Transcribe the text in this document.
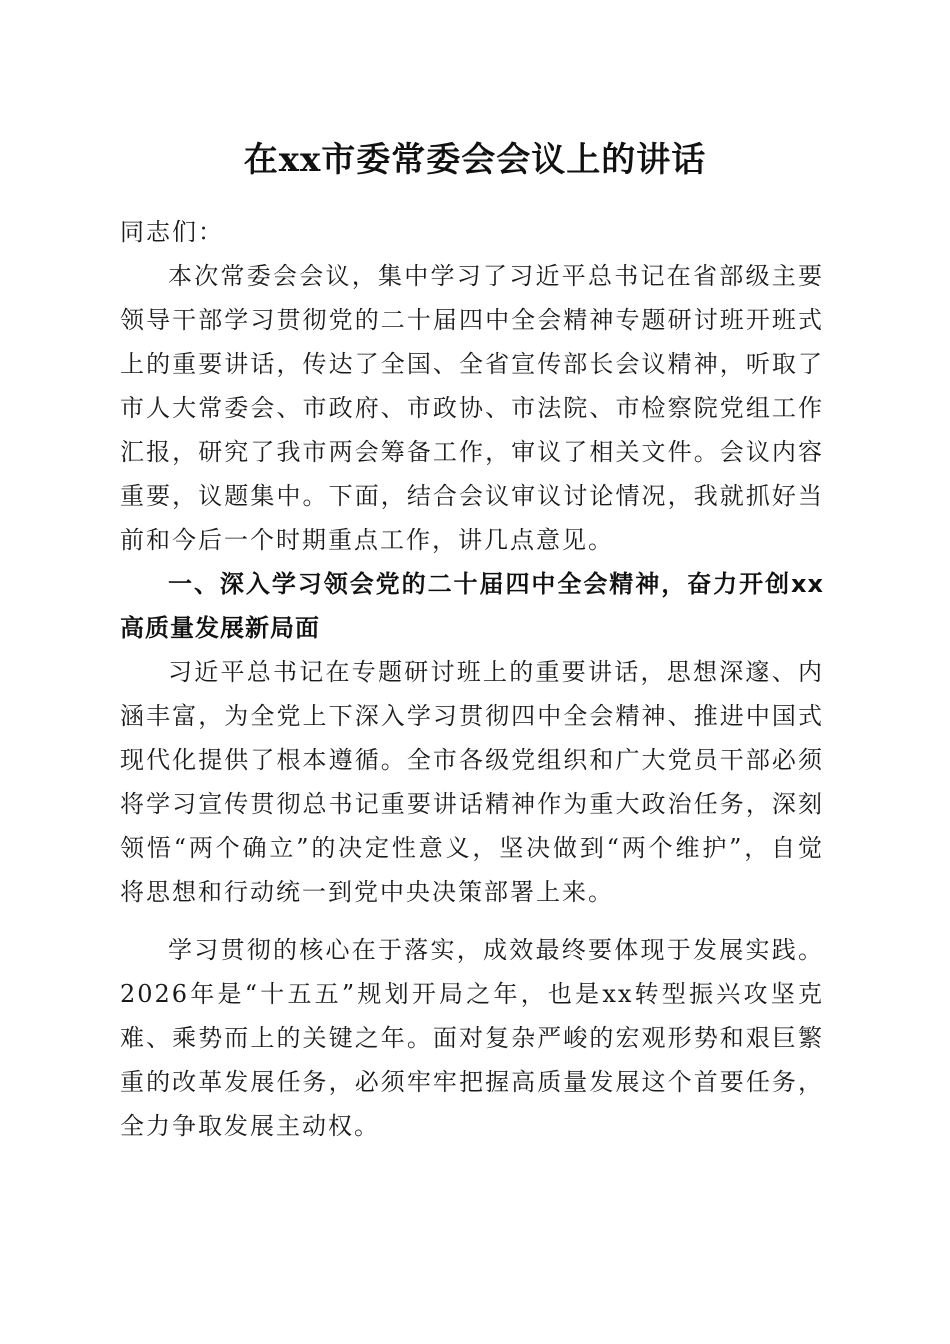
在xx市委常委会会议上的讲话

同志们：

本次常委会会议，集中学习了习近平总书记在省部级主要领导干部学习贯彻党的二十届四中全会精神专题研讨班开班式上的重要讲话，传达了全国、全省宣传部长会议精神，听取了市人大常委会、市政府、市政协、市法院、市检察院党组工作汇报，研究了我市两会筹备工作，审议了相关文件。会议内容重要，议题集中。下面，结合会议审议讨论情况，我就抓好当前和今后一个时期重点工作，讲几点意见。

一、深入学习领会党的二十届四中全会精神，奋力开创xx高质量发展新局面

习近平总书记在专题研讨班上的重要讲话，思想深邃、内涵丰富，为全党上下深入学习贯彻四中全会精神、推进中国式现代化提供了根本遵循。全市各级党组织和广大党员干部必须将学习宣传贯彻总书记重要讲话精神作为重大政治任务，深刻领悟“两个确立”的决定性意义，坚决做到“两个维护”，自觉将思想和行动统一到党中央决策部署上来。

学习贯彻的核心在于落实，成效最终要体现于发展实践。2026年是“十五五”规划开局之年，也是xx转型振兴攻坚克难、乘势而上的关键之年。面对复杂严峻的宏观形势和艰巨繁重的改革发展任务，必须牢牢把握高质量发展这个首要任务，全力争取发展主动权。
